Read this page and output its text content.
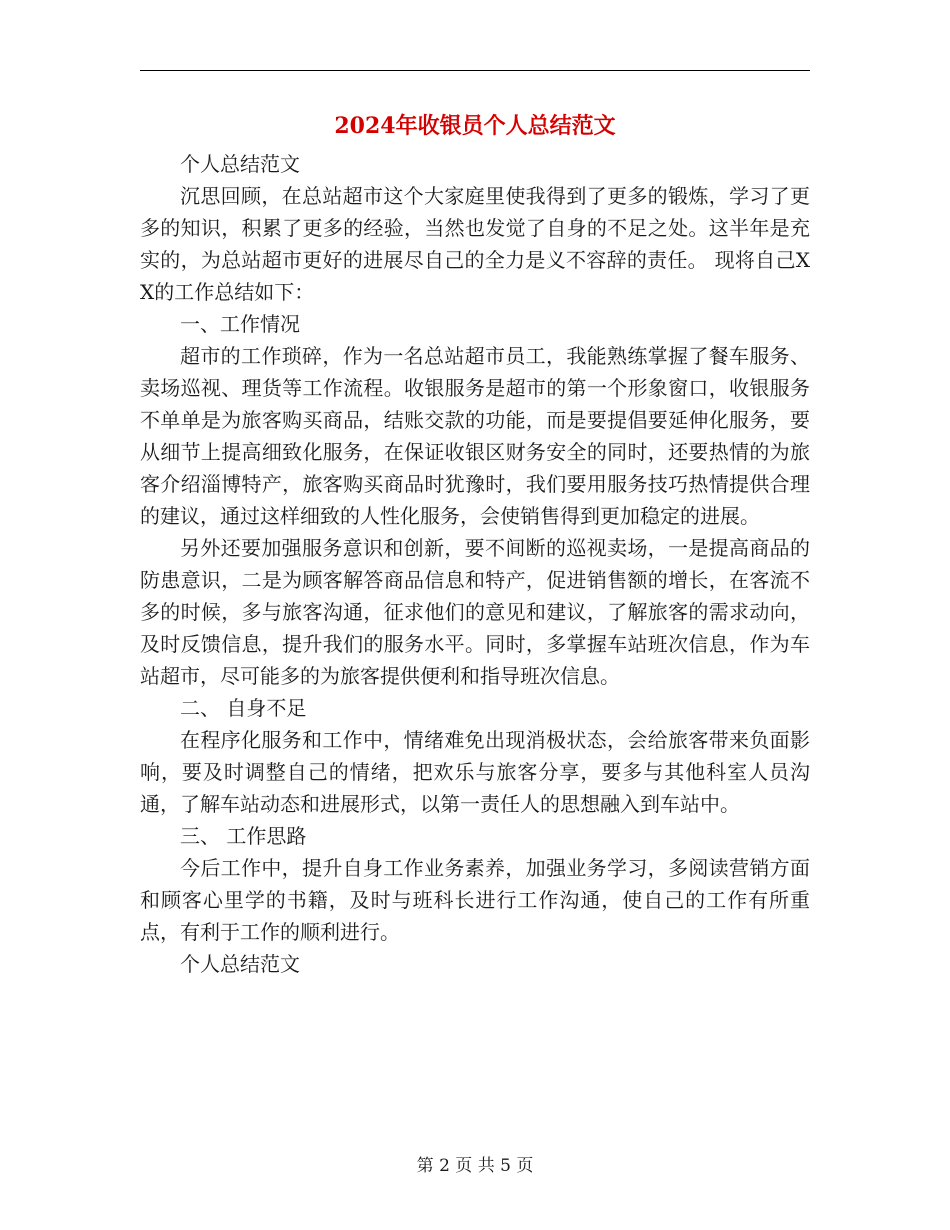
2024年收银员个人总结范文

个人总结范文

沉思回顾，在总站超市这个大家庭里使我得到了更多的锻炼，学习了更多的知识，积累了更多的经验，当然也发觉了自身的不足之处。这半年是充实的，为总站超市更好的进展尽自己的全力是义不容辞的责任。 现将自己XX的工作总结如下：

一、工作情况

超市的工作琐碎，作为一名总站超市员工，我能熟练掌握了餐车服务、卖场巡视、理货等工作流程。收银服务是超市的第一个形象窗口，收银服务不单单是为旅客购买商品，结账交款的功能，而是要提倡要延伸化服务，要从细节上提高细致化服务，在保证收银区财务安全的同时，还要热情的为旅客介绍淄博特产，旅客购买商品时犹豫时，我们要用服务技巧热情提供合理的建议，通过这样细致的人性化服务，会使销售得到更加稳定的进展。

另外还要加强服务意识和创新，要不间断的巡视卖场，一是提高商品的防患意识，二是为顾客解答商品信息和特产，促进销售额的增长，在客流不多的时候，多与旅客沟通，征求他们的意见和建议，了解旅客的需求动向，及时反馈信息，提升我们的服务水平。同时，多掌握车站班次信息，作为车站超市，尽可能多的为旅客提供便利和指导班次信息。

二、 自身不足

在程序化服务和工作中，情绪难免出现消极状态，会给旅客带来负面影响，要及时调整自己的情绪，把欢乐与旅客分享，要多与其他科室人员沟通，了解车站动态和进展形式，以第一责任人的思想融入到车站中。

三、 工作思路

今后工作中，提升自身工作业务素养，加强业务学习，多阅读营销方面和顾客心里学的书籍，及时与班科长进行工作沟通，使自己的工作有所重点，有利于工作的顺利进行。

个人总结范文

第 2 页 共 5 页
